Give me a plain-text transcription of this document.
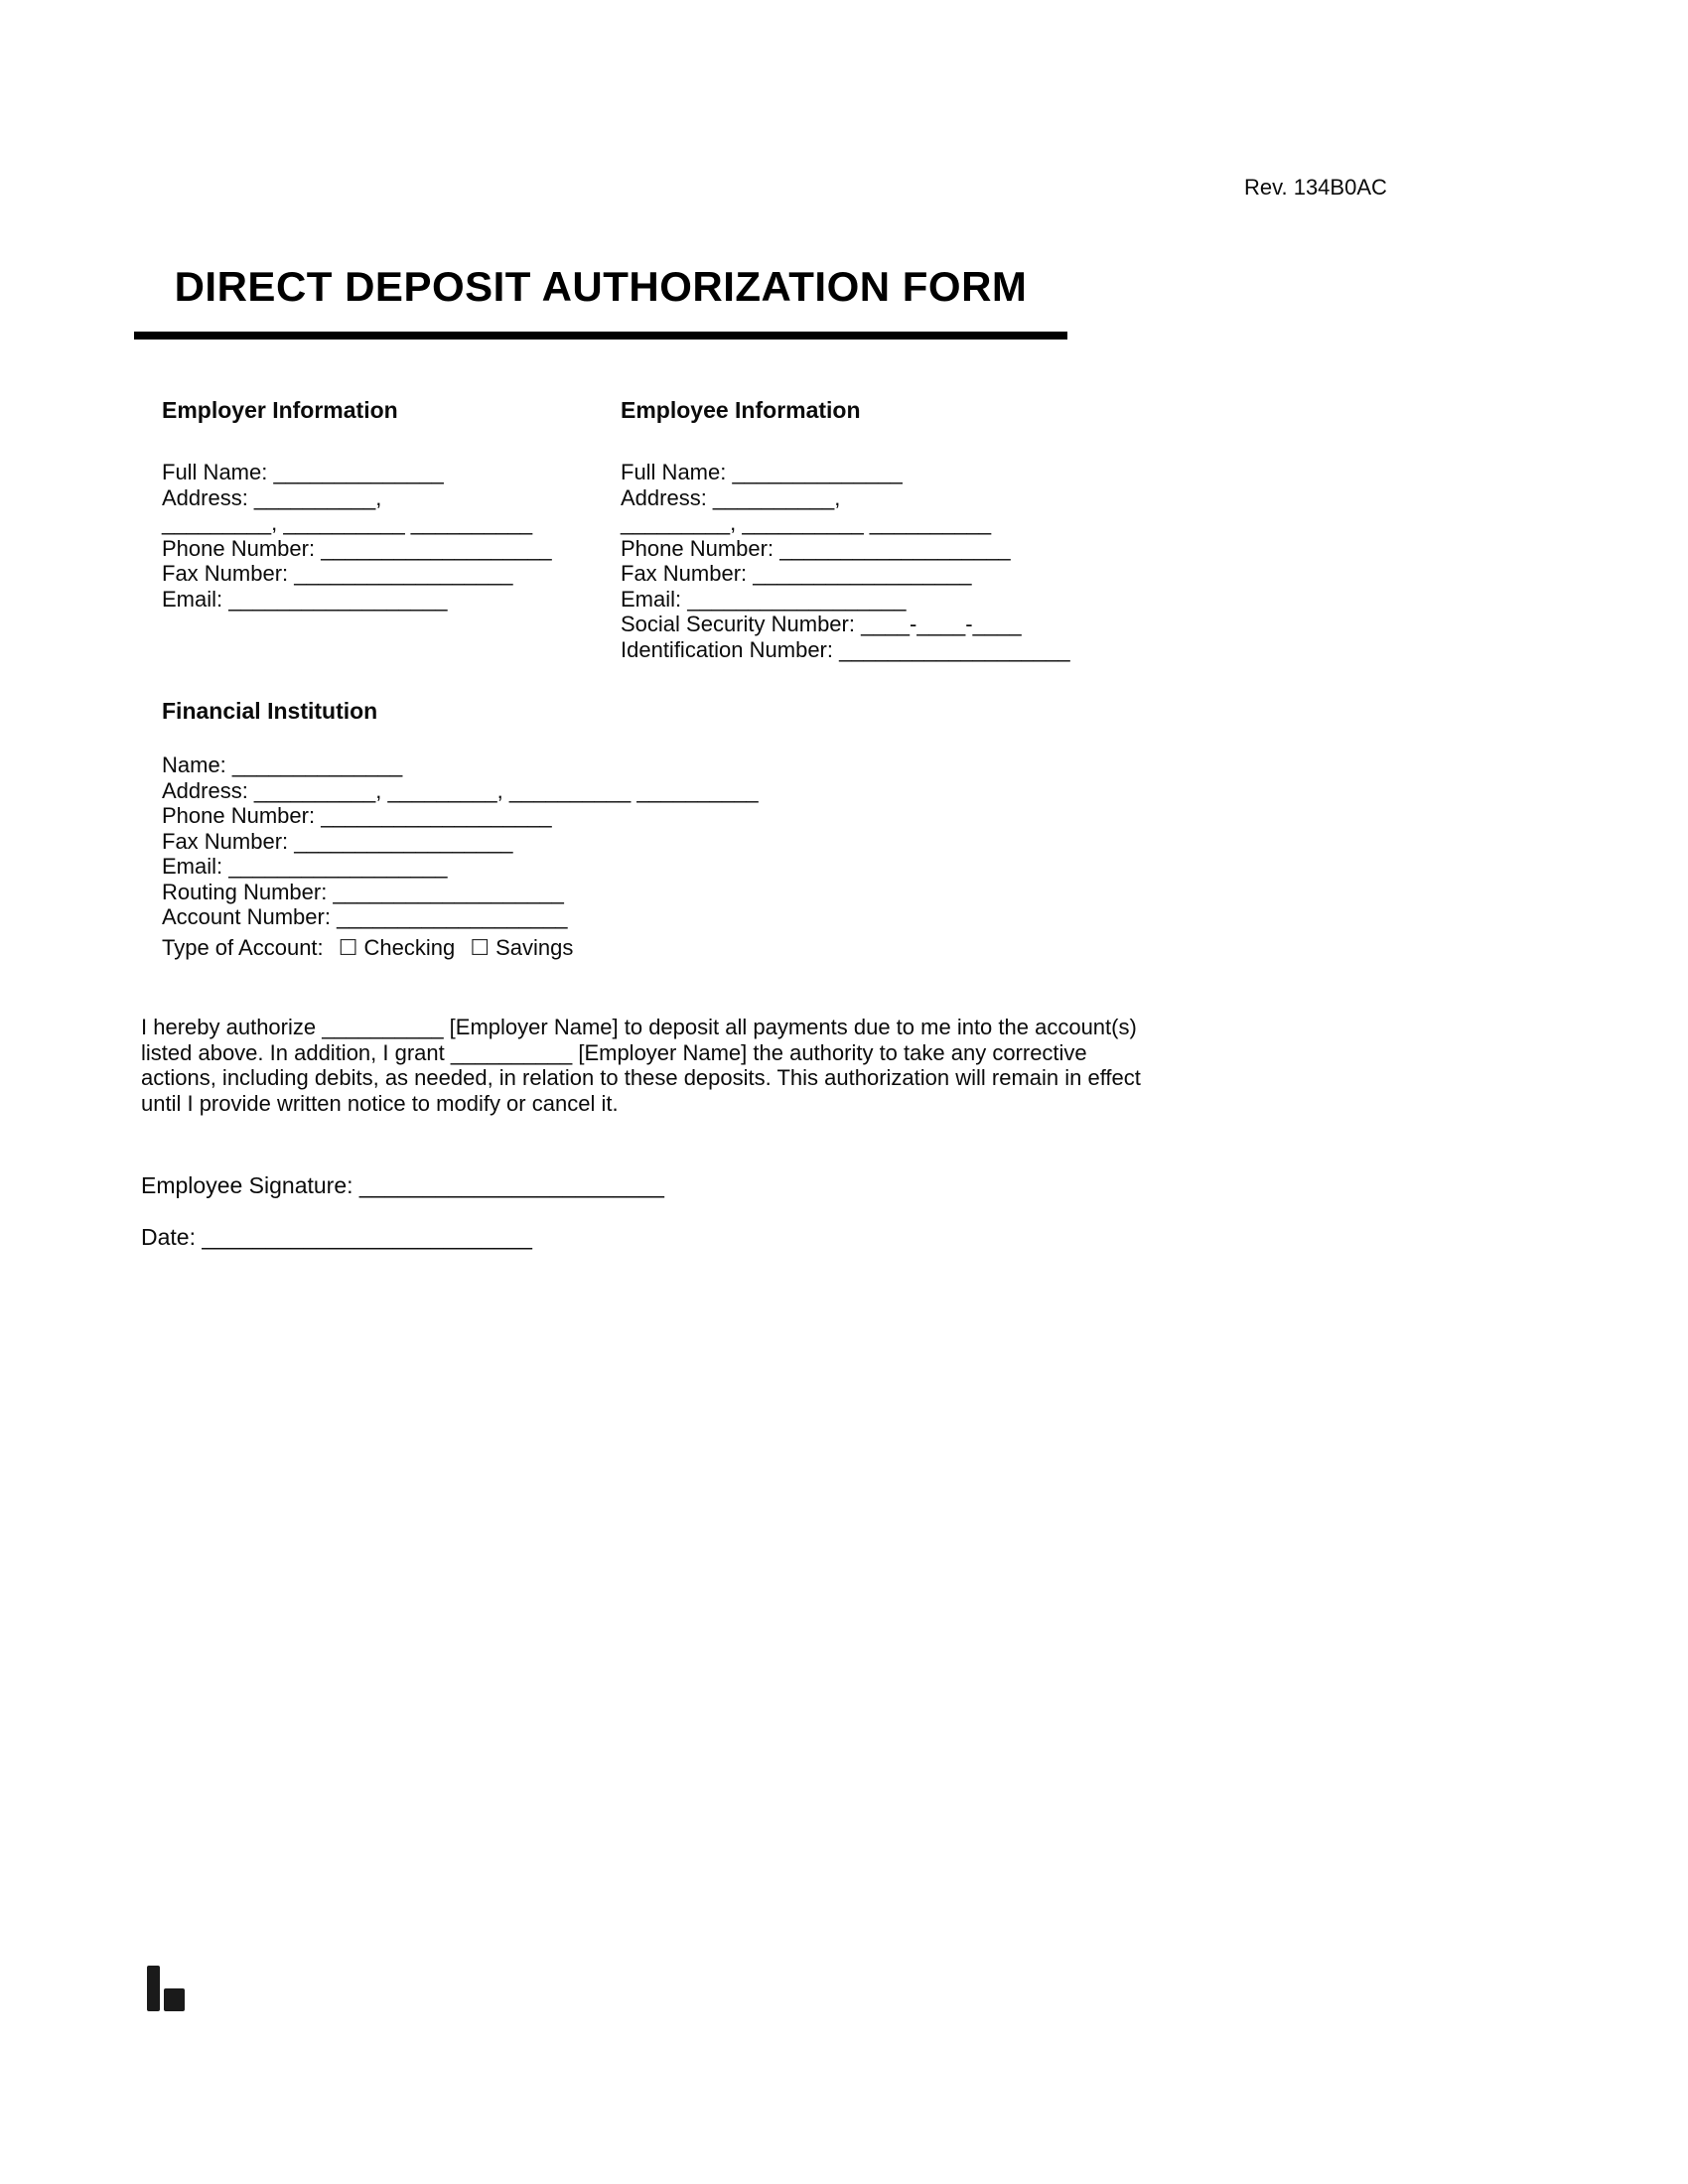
Rev. 134B0AC
DIRECT DEPOSIT AUTHORIZATION FORM
Employer Information
Full Name: ______________
Address: __________,
_________, __________ __________
Phone Number: ___________________
Fax Number: __________________
Email: __________________
Employee Information
Full Name: ______________
Address: __________,
_________, __________ __________
Phone Number: ___________________
Fax Number: __________________
Email: __________________
Social Security Number: ____-____-____
Identification Number: ___________________
Financial Institution
Name: ______________
Address: __________, _________, __________ __________
Phone Number: ___________________
Fax Number: __________________
Email: __________________
Routing Number: ___________________
Account Number: ___________________
Type of Account: ☐ Checking ☐ Savings
I hereby authorize __________ [Employer Name] to deposit all payments due to me into the account(s)
listed above. In addition, I grant __________ [Employer Name] the authority to take any corrective
actions, including debits, as needed, in relation to these deposits. This authorization will remain in effect
until I provide written notice to modify or cancel it.
Employee Signature: ________________________
Date: __________________________
